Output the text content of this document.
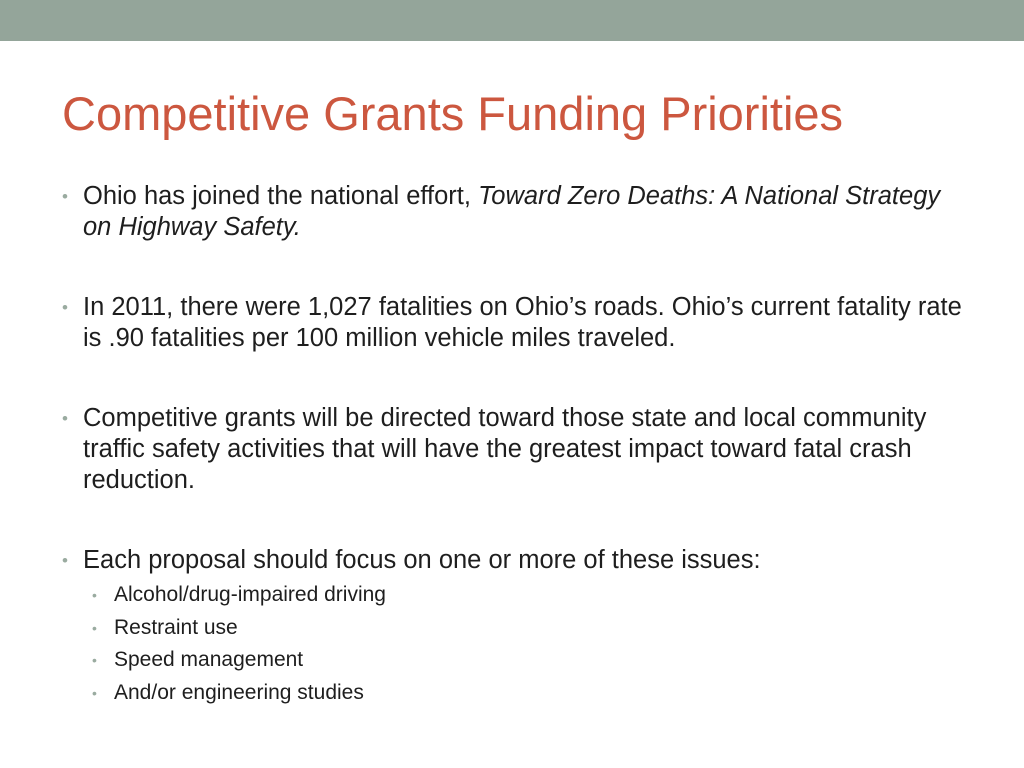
Competitive Grants Funding Priorities
• Ohio has joined the national effort, Toward Zero Deaths: A National Strategy on Highway Safety.
• In 2011, there were 1,027 fatalities on Ohio’s roads. Ohio’s current fatality rate is .90 fatalities per 100 million vehicle miles traveled.
• Competitive grants will be directed toward those state and local community traffic safety activities that will have the greatest impact toward fatal crash reduction.
• Each proposal should focus on one or more of these issues:
• Alcohol/drug-impaired driving
• Restraint use
• Speed management
• And/or engineering studies
